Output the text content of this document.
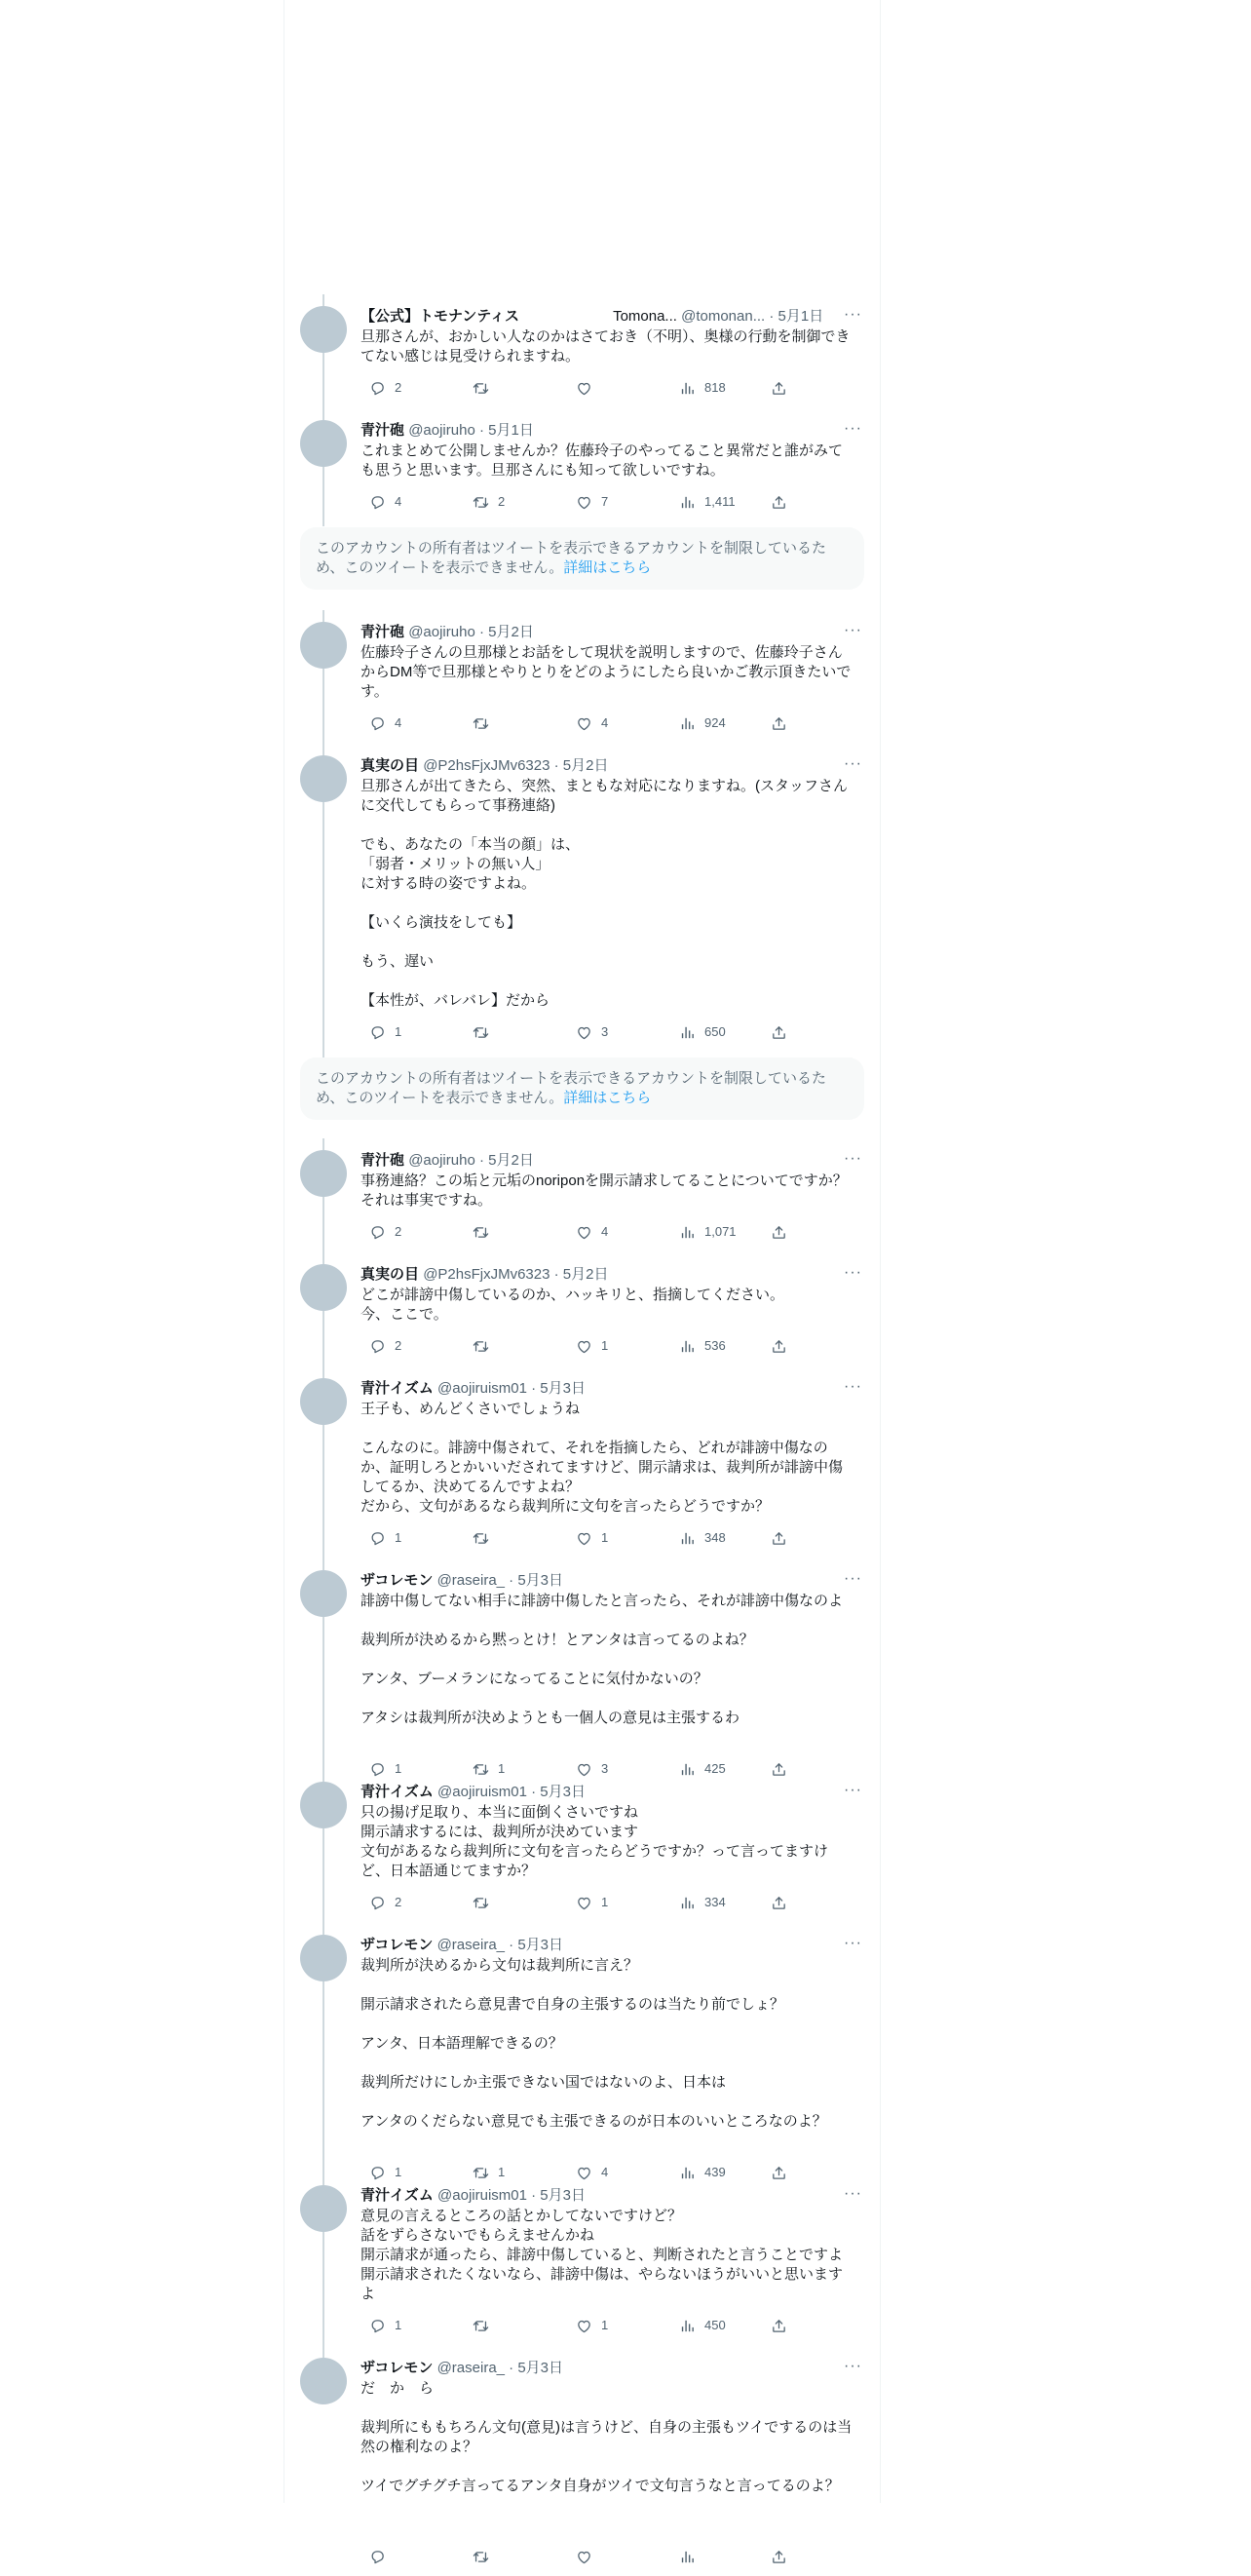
【公式】トモナンティス	Tomona... @tomonan... · 5月1日	···

旦那さんが、おかしい人なのかはさておき（不明）、奥様の行動を制御できてない感じは見受けられますね。

2	818
青汁砲 @aojiruho · 5月1日	···

これまとめて公開しませんか？佐藤玲子のやってること異常だと誰がみても思うと思います。旦那さんにも知って欲しいですね。

4	2	7	1,411
青汁砲 @aojiruho · 5月2日	···

佐藤玲子さんの旦那様とお話をして現状を説明しますので、佐藤玲子さんからDM等で旦那様とやりとりをどのようにしたら良いかご教示頂きたいです。

4	4	924
真実の目 @P2hsFjxJMv6323 · 5月2日	···

旦那さんが出てきたら、突然、まともな対応になりますね。(スタッフさんに交代してもらって事務連絡)

でも、あなたの「本当の顔」は、

「弱者・メリットの無い人」

に対する時の姿ですよね。

【いくら演技をしても】

もう、遅い

【本性が、バレバレ】だから

1	3	650
青汁砲 @aojiruho · 5月2日	···

事務連絡？この垢と元垢のnoriponを開示請求してることについてですか？それは事実ですね。

2	4	1,071
真実の目 @P2hsFjxJMv6323 · 5月2日	···

どこが誹謗中傷しているのか、ハッキリと、指摘してください。

今、ここで。

2	1	536
青汁イズム @aojiruism01 · 5月3日	···

王子も、めんどくさいでしょうね

こんなのに。誹謗中傷されて、それを指摘したら、どれが誹謗中傷なのか、証明しろとかいいだされてますけど、開示請求は、裁判所が誹謗中傷してるか、決めてるんですよね？

だから、文句があるなら裁判所に文句を言ったらどうですか？

1	1	348
ザコレモン @raseira_ · 5月3日	···

誹謗中傷してない相手に誹謗中傷したと言ったら、それが誹謗中傷なのよ

裁判所が決めるから黙っとけ！とアンタは言ってるのよね？

アンタ、ブーメランになってることに気付かないの？

アタシは裁判所が決めようとも一個人の意見は主張するわ

1	1	3	425
青汁イズム @aojiruism01 · 5月3日	···

只の揚げ足取り、本当に面倒くさいですね

開示請求するには、裁判所が決めています

文句があるなら裁判所に文句を言ったらどうですか？って言ってますけど、日本語通じてますか？

2	1	334
ザコレモン @raseira_ · 5月3日	···

裁判所が決めるから文句は裁判所に言え？

開示請求されたら意見書で自身の主張するのは当たり前でしょ？

アンタ、日本語理解できるの？

裁判所だけにしか主張できない国ではないのよ、日本は

アンタのくだらない意見でも主張できるのが日本のいいところなのよ？

1	1	4	439
青汁イズム @aojiruism01 · 5月3日	···

意見の言えるところの話とかしてないですけど？

話をずらさないでもらえませんかね

開示請求が通ったら、誹謗中傷していると、判断されたと言うことですよ

開示請求されたくないなら、誹謗中傷は、やらないほうがいいと思いますよ

1	1	450
ザコレモン @raseira_ · 5月3日	···

だ　か　ら

裁判所にももちろん文句(意見)は言うけど、自身の主張もツイでするのは当然の権利なのよ？

ツイでグチグチ言ってるアンタ自身がツイで文句言うなと言ってるのよ？

このアカウントの所有者はツイートを表示できるアカウントを制限しているため、このツイートを表示できません。詳細はこちら
このアカウントの所有者はツイートを表示できるアカウントを制限しているため、このツイートを表示できません。詳細はこちら
